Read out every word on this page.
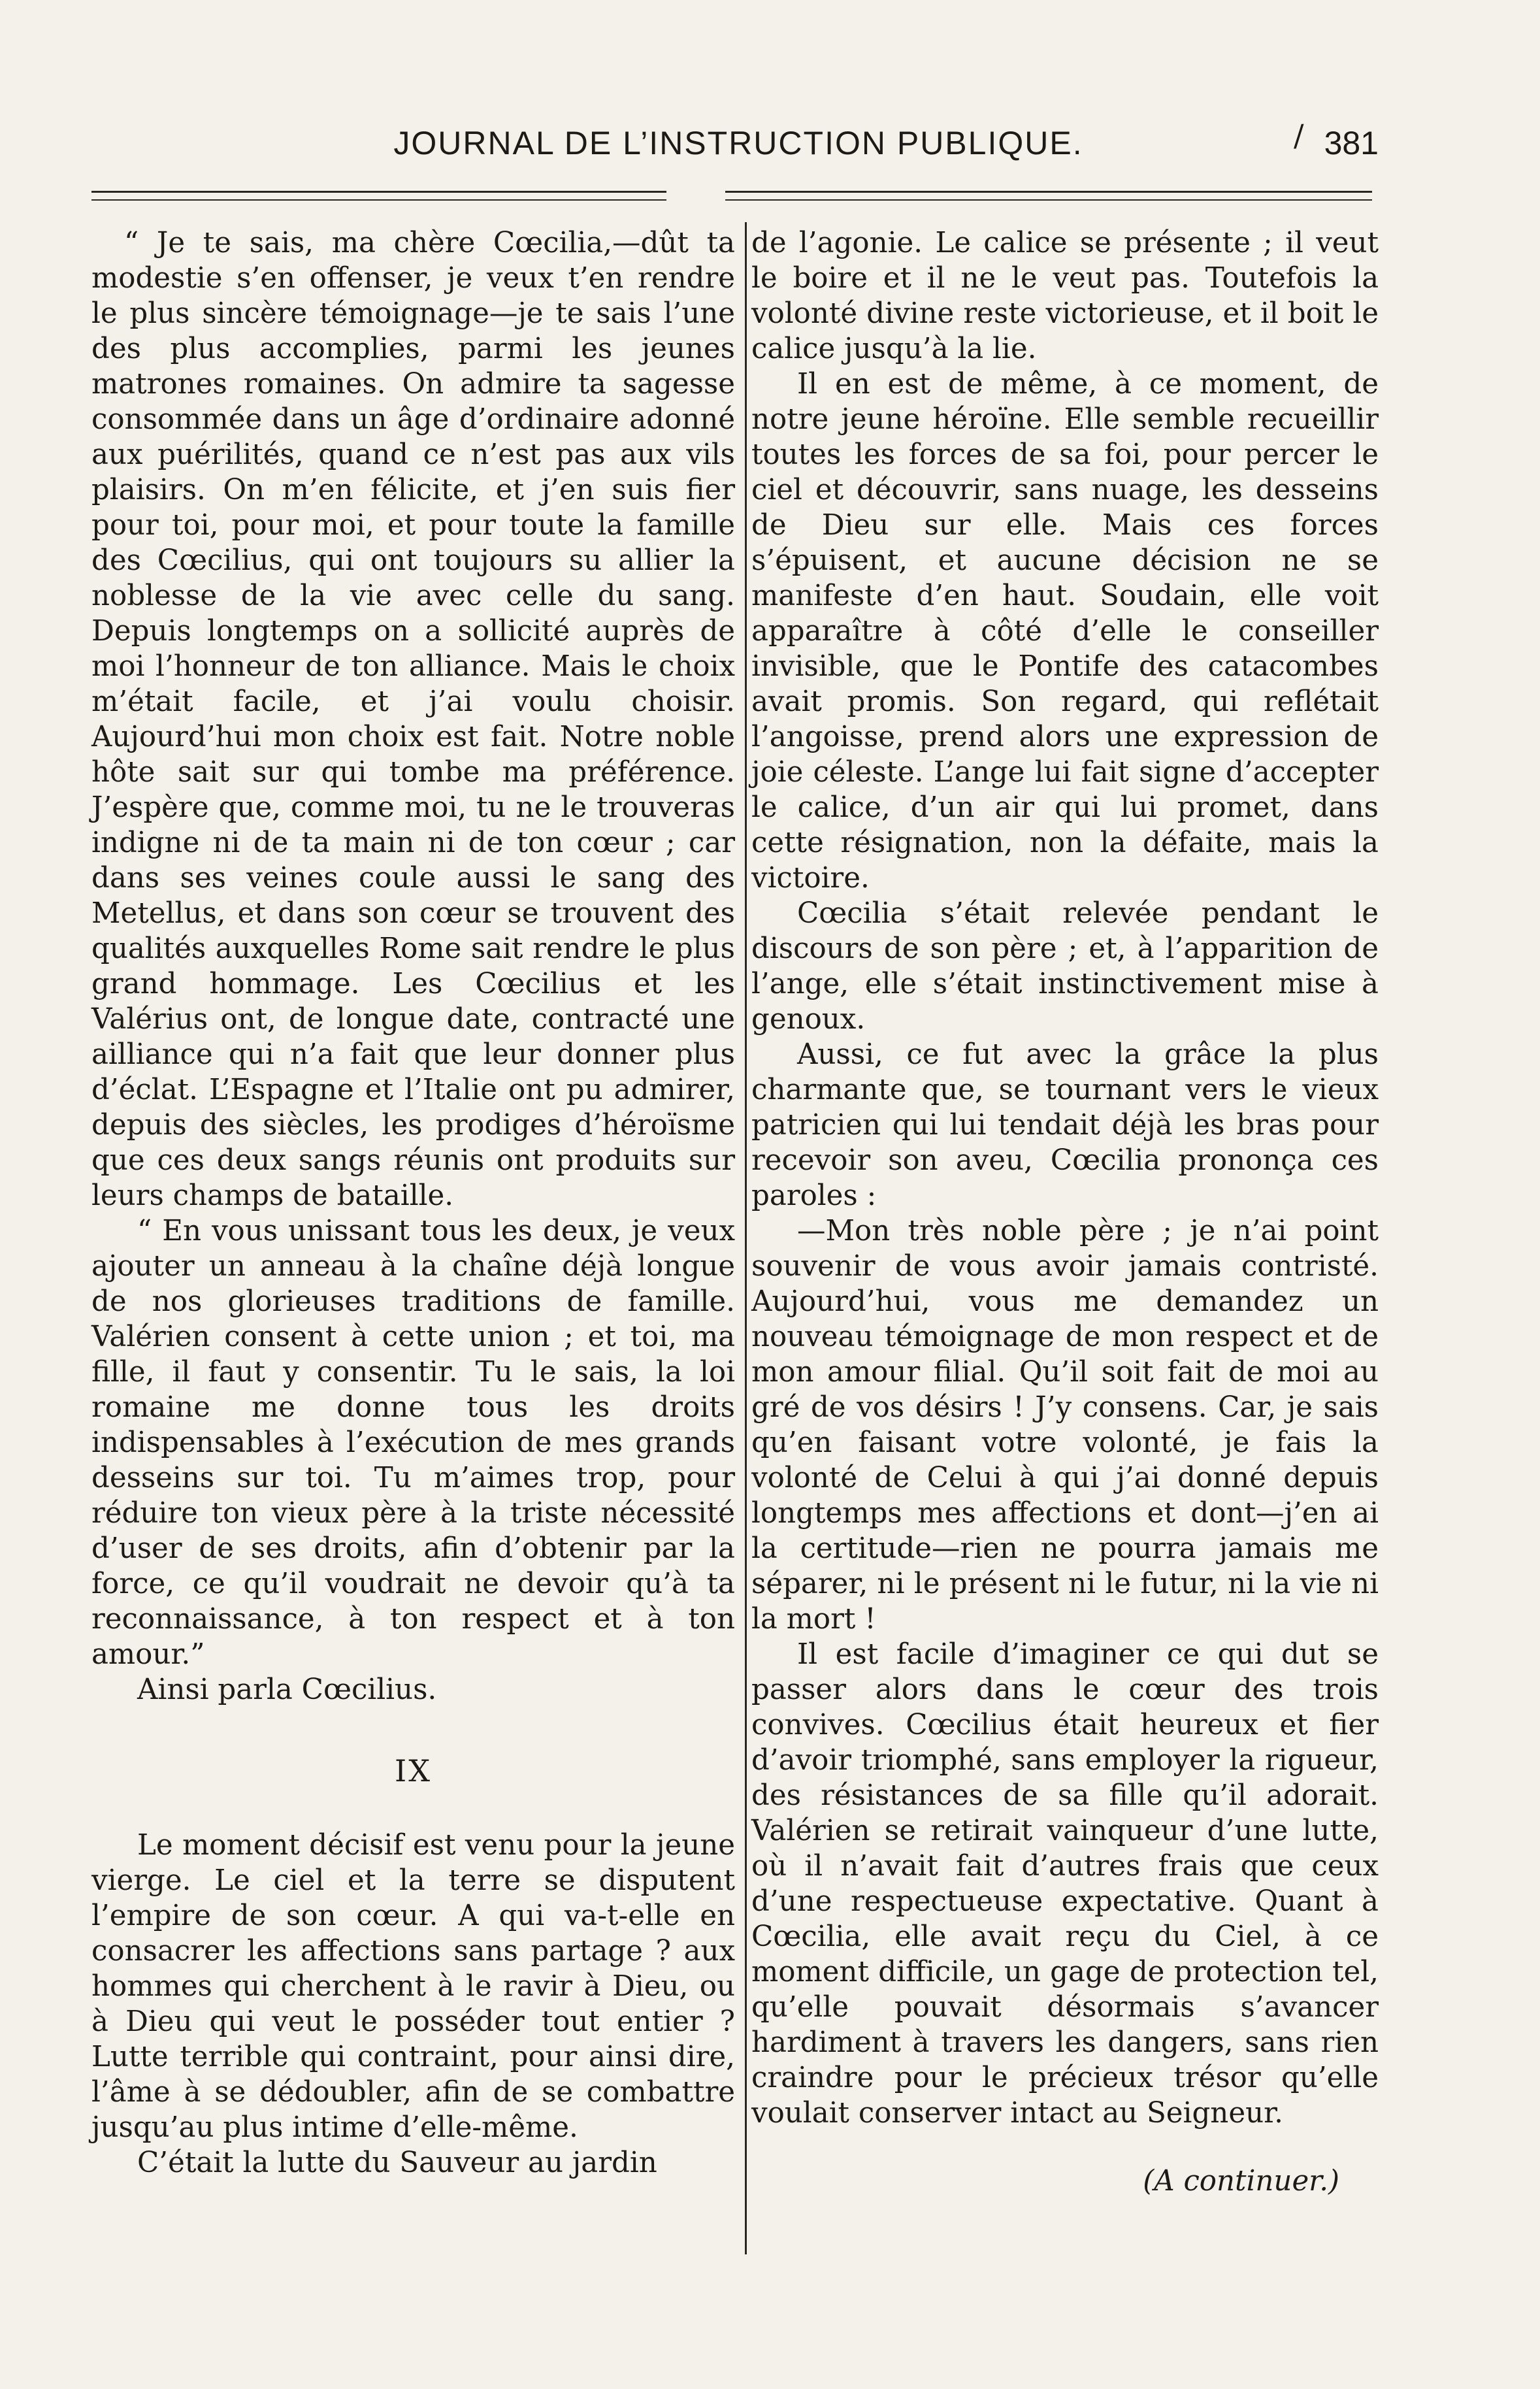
JOURNAL DE L’INSTRUCTION PUBLIQUE.	/ 381

“ Je te sais, ma chère Cœcilia,—dût ta modestie s’en offenser, je veux t’en rendre le plus sincère témoignage—je te sais l’une des plus accomplies, parmi les jeunes matrones romaines. On admire ta sagesse consommée dans un âge d’ordinaire adonné aux puérilités, quand ce n’est pas aux vils plaisirs. On m’en félicite, et j’en suis fier pour toi, pour moi, et pour toute la famille des Cœcilius, qui ont toujours su allier la noblesse de la vie avec celle du sang. Depuis longtemps on a sollicité auprès de moi l’honneur de ton alliance. Mais le choix m’était facile, et j’ai voulu choisir. Aujourd’hui mon choix est fait. Notre noble hôte sait sur qui tombe ma préférence. J’espère que, comme moi, tu ne le trouveras indigne ni de ta main ni de ton cœur ; car dans ses veines coule aussi le sang des Metellus, et dans son cœur se trouvent des qualités auxquelles Rome sait rendre le plus grand hommage. Les Cœcilius et les Valérius ont, de longue date, contracté une ailliance qui n’a fait que leur donner plus d’éclat. L’Espagne et l’Italie ont pu admirer, depuis des siècles, les prodiges d’héroïsme que ces deux sangs réunis ont produits sur leurs champs de bataille.

“ En vous unissant tous les deux, je veux ajouter un anneau à la chaîne déjà longue de nos glorieuses traditions de famille. Valérien consent à cette union ; et toi, ma fille, il faut y consentir. Tu le sais, la loi romaine me donne tous les droits indispensables à l’exécution de mes grands desseins sur toi. Tu m’aimes trop, pour réduire ton vieux père à la triste nécessité d’user de ses droits, afin d’obtenir par la force, ce qu’il voudrait ne devoir qu’à ta reconnaissance, à ton respect et à ton amour.”

Ainsi parla Cœcilius.

IX

Le moment décisif est venu pour la jeune vierge. Le ciel et la terre se disputent l’empire de son cœur. A qui va-t-elle en consacrer les affections sans partage ? aux hommes qui cherchent à le ravir à Dieu, ou à Dieu qui veut le posséder tout entier ? Lutte terrible qui contraint, pour ainsi dire, l’âme à se dédoubler, afin de se combattre jusqu’au plus intime d’elle-même.

C’était la lutte du Sauveur au jardin

de l’agonie. Le calice se présente ; il veut le boire et il ne le veut pas. Toutefois la volonté divine reste victorieuse, et il boit le calice jusqu’à la lie.

Il en est de même, à ce moment, de notre jeune héroïne. Elle semble recueillir toutes les forces de sa foi, pour percer le ciel et découvrir, sans nuage, les desseins de Dieu sur elle. Mais ces forces s’épuisent, et aucune décision ne se manifeste d’en haut. Soudain, elle voit apparaître à côté d’elle le conseiller invisible, que le Pontife des catacombes avait promis. Son regard, qui reflétait l’angoisse, prend alors une expression de joie céleste. L’ange lui fait signe d’accepter le calice, d’un air qui lui promet, dans cette résignation, non la défaite, mais la victoire.

Cœcilia s’était relevée pendant le discours de son père ; et, à l’apparition de l’ange, elle s’était instinctivement mise à genoux.

Aussi, ce fut avec la grâce la plus charmante que, se tournant vers le vieux patricien qui lui tendait déjà les bras pour recevoir son aveu, Cœcilia prononça ces paroles :

—Mon très noble père ; je n’ai point souvenir de vous avoir jamais contristé. Aujourd’hui, vous me demandez un nouveau témoignage de mon respect et de mon amour filial. Qu’il soit fait de moi au gré de vos désirs ! J’y consens. Car, je sais qu’en faisant votre volonté, je fais la volonté de Celui à qui j’ai donné depuis longtemps mes affections et dont—j’en ai la certitude—rien ne pourra jamais me séparer, ni le présent ni le futur, ni la vie ni la mort !

Il est facile d’imaginer ce qui dut se passer alors dans le cœur des trois convives. Cœcilius était heureux et fier d’avoir triomphé, sans employer la rigueur, des résistances de sa fille qu’il adorait. Valérien se retirait vainqueur d’une lutte, où il n’avait fait d’autres frais que ceux d’une respectueuse expectative. Quant à Cœcilia, elle avait reçu du Ciel, à ce moment difficile, un gage de protection tel, qu’elle pouvait désormais s’avancer hardiment à travers les dangers, sans rien craindre pour le précieux trésor qu’elle voulait conserver intact au Seigneur.

(A continuer.)
